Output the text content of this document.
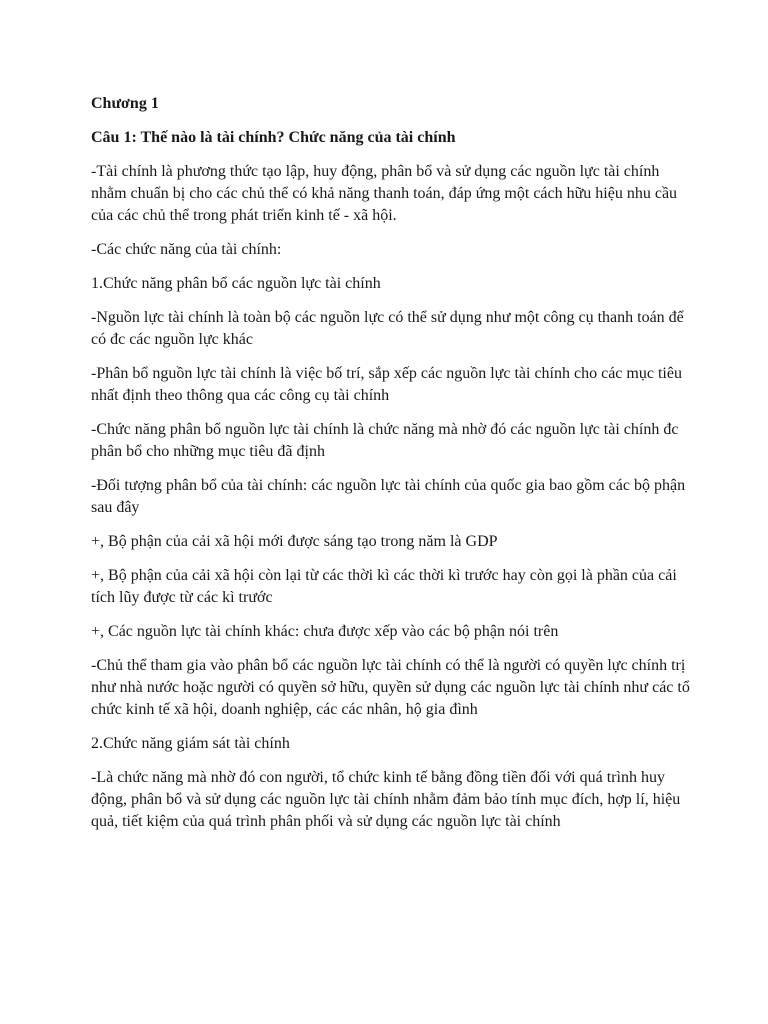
Chương 1

Câu 1: Thế nào là tài chính? Chức năng của tài chính

-Tài chính là phương thức tạo lập, huy động, phân bổ và sử dụng các nguồn lực tài chính nhằm chuẩn bị cho các chủ thể có khả năng thanh toán, đáp ứng một cách hữu hiệu nhu cầu của các chủ thể trong phát triển kinh tế - xã hội.

-Các chức năng của tài chính:

1.Chức năng phân bổ các nguồn lực tài chính

-Nguồn lực tài chính là toàn bộ các nguồn lực có thể sử dụng như một công cụ thanh toán để có đc các nguồn lực khác

-Phân bổ nguồn lực tài chính là việc bố trí, sắp xếp các nguồn lực tài chính cho các mục tiêu nhất định theo thông qua các công cụ tài chính

-Chức năng phân bổ nguồn lực tài chính là chức năng mà nhờ đó các nguồn lực tài chính đc phân bổ cho những mục tiêu đã định

-Đối tượng phân bổ của tài chính: các nguồn lực tài chính của quốc gia bao gồm các bộ phận sau đây

+, Bộ phận của cải xã hội mới được sáng tạo trong năm là GDP

+, Bộ phận của cải xã hội còn lại từ các thời kì các thời kì trước hay còn gọi là phần của cải tích lũy được từ các kì trước

+, Các nguồn lực tài chính khác: chưa được xếp vào các bộ phận nói trên

-Chủ thể tham gia vào phân bổ các nguồn lực tài chính có thể là người có quyền lực chính trị như nhà nước hoặc người có quyền sở hữu, quyền sử dụng các nguồn lực tài chính như các tổ chức kinh tế xã hội, doanh nghiệp, các các nhân, hộ gia đình

2.Chức năng giám sát tài chính

-Là chức năng mà nhờ đó con người, tổ chức kinh tế bằng đồng tiền đối với quá trình huy động, phân bổ và sử dụng các nguồn lực tài chính nhằm đảm bảo tính mục đích, hợp lí, hiệu quả, tiết kiệm của quá trình phân phối và sử dụng các nguồn lực tài chính
